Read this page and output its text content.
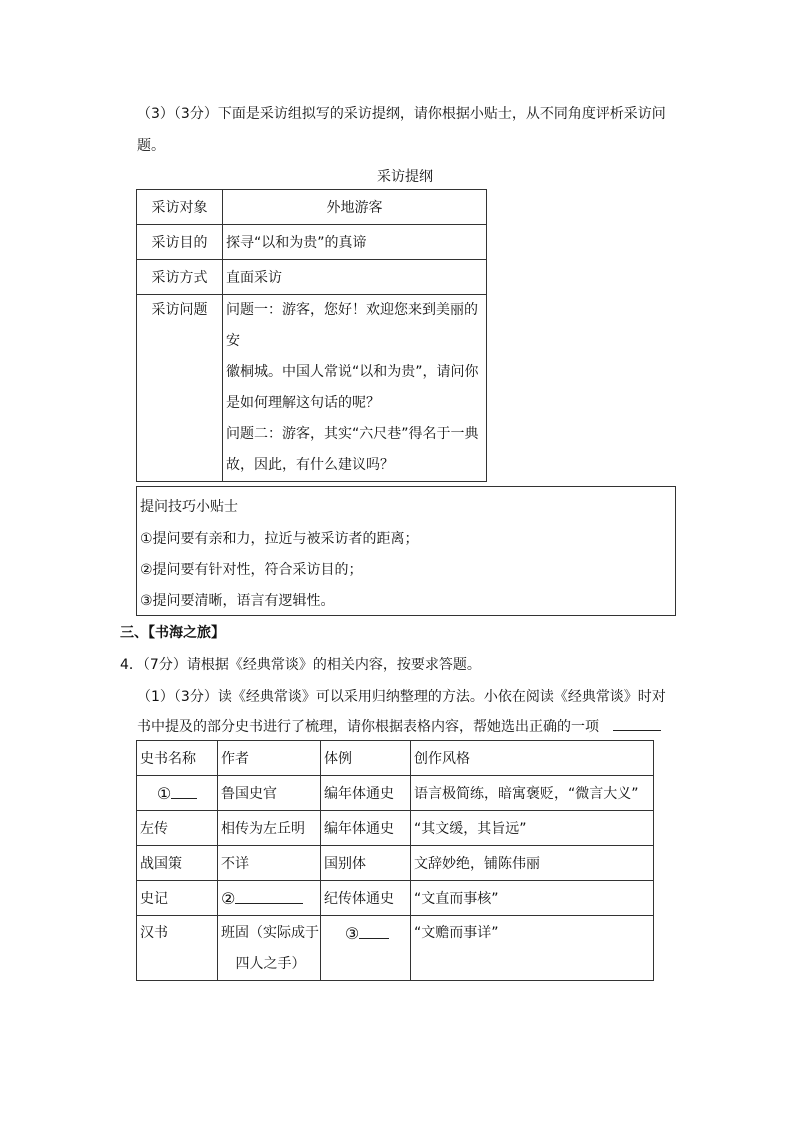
（3）（3分）下面是采访组拟写的采访提纲，请你根据小贴士，从不同角度评析采访问
题。
采访提纲
采访对象	外地游客
采访目的	探寻“以和为贵”的真谛
采访方式	直面采访
采访问题	问题一：游客，您好！欢迎您来到美丽的安
徽桐城。中国人常说“以和为贵”，请问你
是如何理解这句话的呢？
问题二：游客，其实“六尺巷”得名于一典
故，因此，有什么建议吗？
提问技巧小贴士
①提问要有亲和力，拉近与被采访者的距离；
②提问要有针对性，符合采访目的；
③提问要清晰，语言有逻辑性。
三、【书海之旅】
4．（7分）请根据《经典常谈》的相关内容，按要求答题。
（1）（3分）读《经典常谈》可以采用归纳整理的方法。小依在阅读《经典常谈》时对
书中提及的部分史书进行了梳理，请你根据表格内容，帮她选出正确的一项
史书名称	作者	体例	创作风格
①	鲁国史官	编年体通史	语言极简练，暗寓褒贬，“微言大义”
左传	相传为左丘明	编年体通史	“其文缓，其旨远”
战国策	不详	国别体	文辞妙绝，铺陈伟丽
史记	②	纪传体通史	“文直而事核”
汉书	班固（实际成于
四人之手）	③	“文赡而事详”
